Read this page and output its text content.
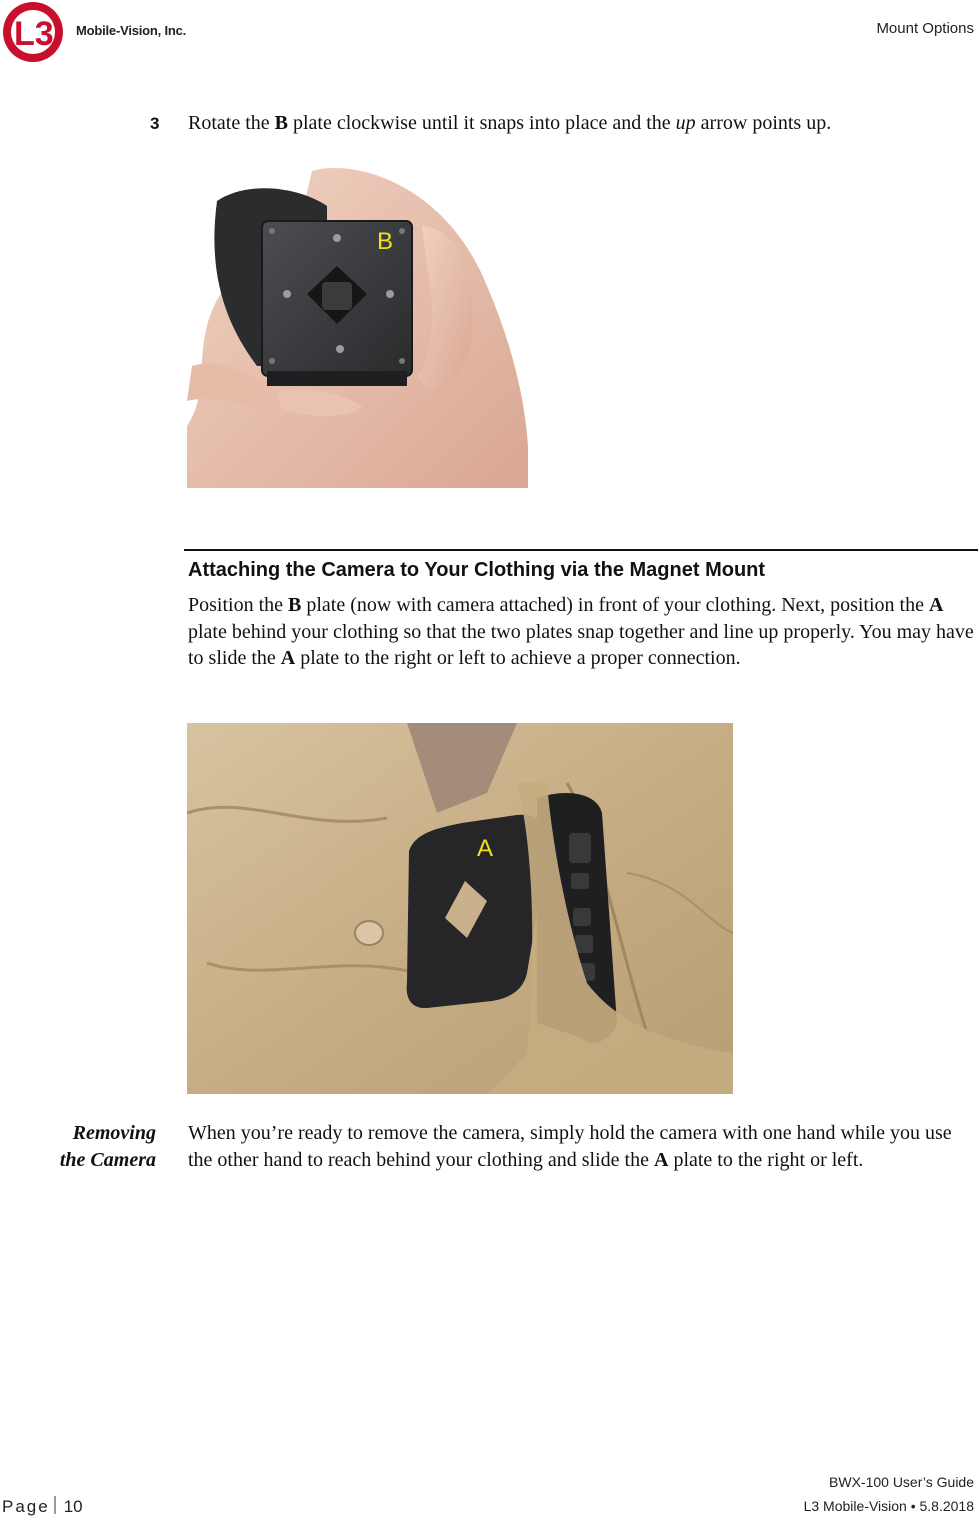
L3 Mobile-Vision, Inc.	Mount Options
3 Rotate the B plate clockwise until it snaps into place and the up arrow points up.
B
Attaching the Camera to Your Clothing via the Magnet Mount
Position the B plate (now with camera attached) in front of your clothing. Next, position the A plate behind your clothing so that the two plates snap together and line up properly. You may have to slide the A plate to the right or left to achieve a proper connection.
A
Removing
the Camera
When you’re ready to remove the camera, simply hold the camera with one hand while you use the other hand to reach behind your clothing and slide the A plate to the right or left.
BWX-100 User’s Guide
L3 Mobile-Vision • 5.8.2018
Page 10
